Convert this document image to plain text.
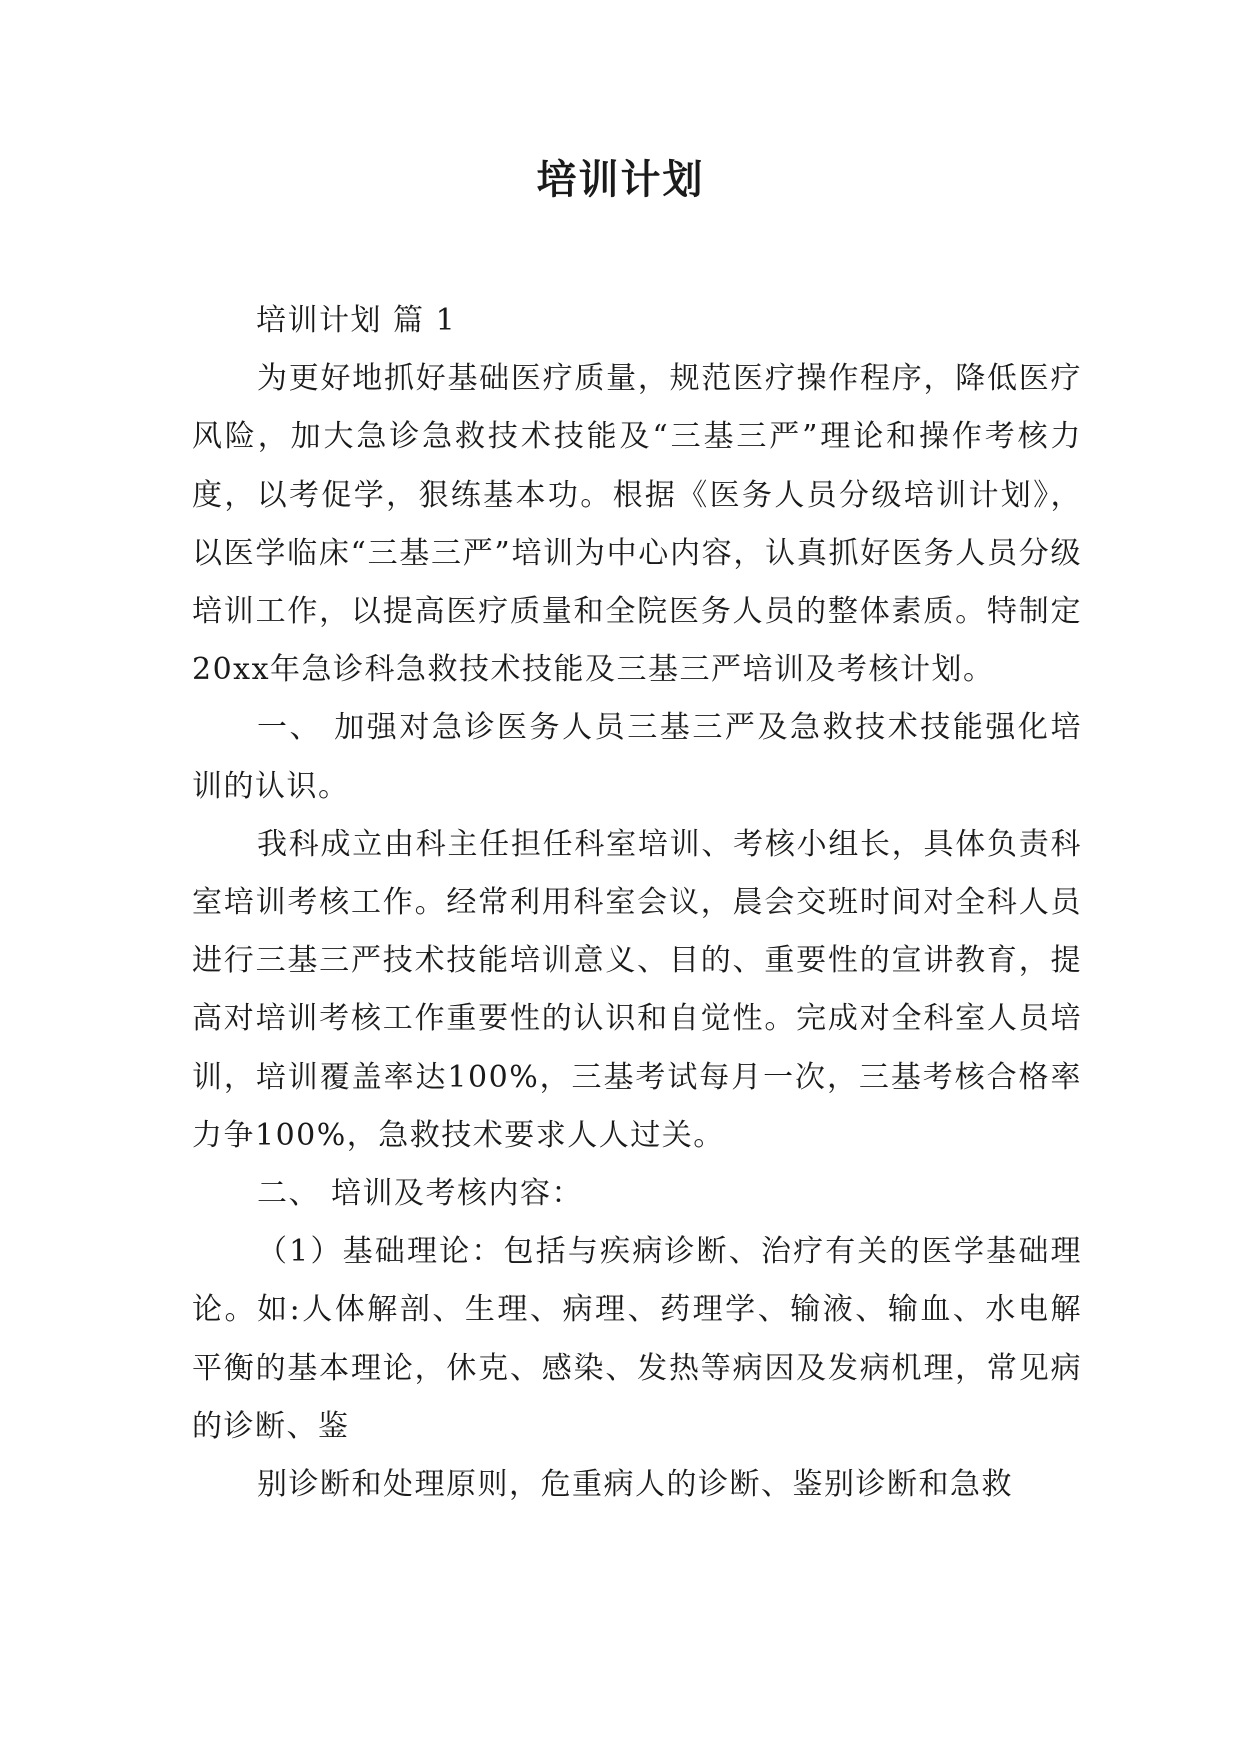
培训计划

培训计划 篇 1

为更好地抓好基础医疗质量，规范医疗操作程序，降低医疗风险，加大急诊急救技术技能及“三基三严”理论和操作考核力度，以考促学，狠练基本功。根据《医务人员分级培训计划》，以医学临床“三基三严”培训为中心内容，认真抓好医务人员分级培训工作，以提高医疗质量和全院医务人员的整体素质。特制定20xx年急诊科急救技术技能及三基三严培训及考核计划。

一、 加强对急诊医务人员三基三严及急救技术技能强化培训的认识。

我科成立由科主任担任科室培训、考核小组长，具体负责科室培训考核工作。经常利用科室会议，晨会交班时间对全科人员进行三基三严技术技能培训意义、目的、重要性的宣讲教育，提高对培训考核工作重要性的认识和自觉性。完成对全科室人员培训，培训覆盖率达100%，三基考试每月一次，三基考核合格率力争100%，急救技术要求人人过关。

二、 培训及考核内容：

（1）基础理论：包括与疾病诊断、治疗有关的医学基础理论。如:人体解剖、生理、病理、药理学、输液、输血、水电解平衡的基本理论，休克、感染、发热等病因及发病机理，常见病的诊断、鉴

别诊断和处理原则，危重病人的诊断、鉴别诊断和急救
